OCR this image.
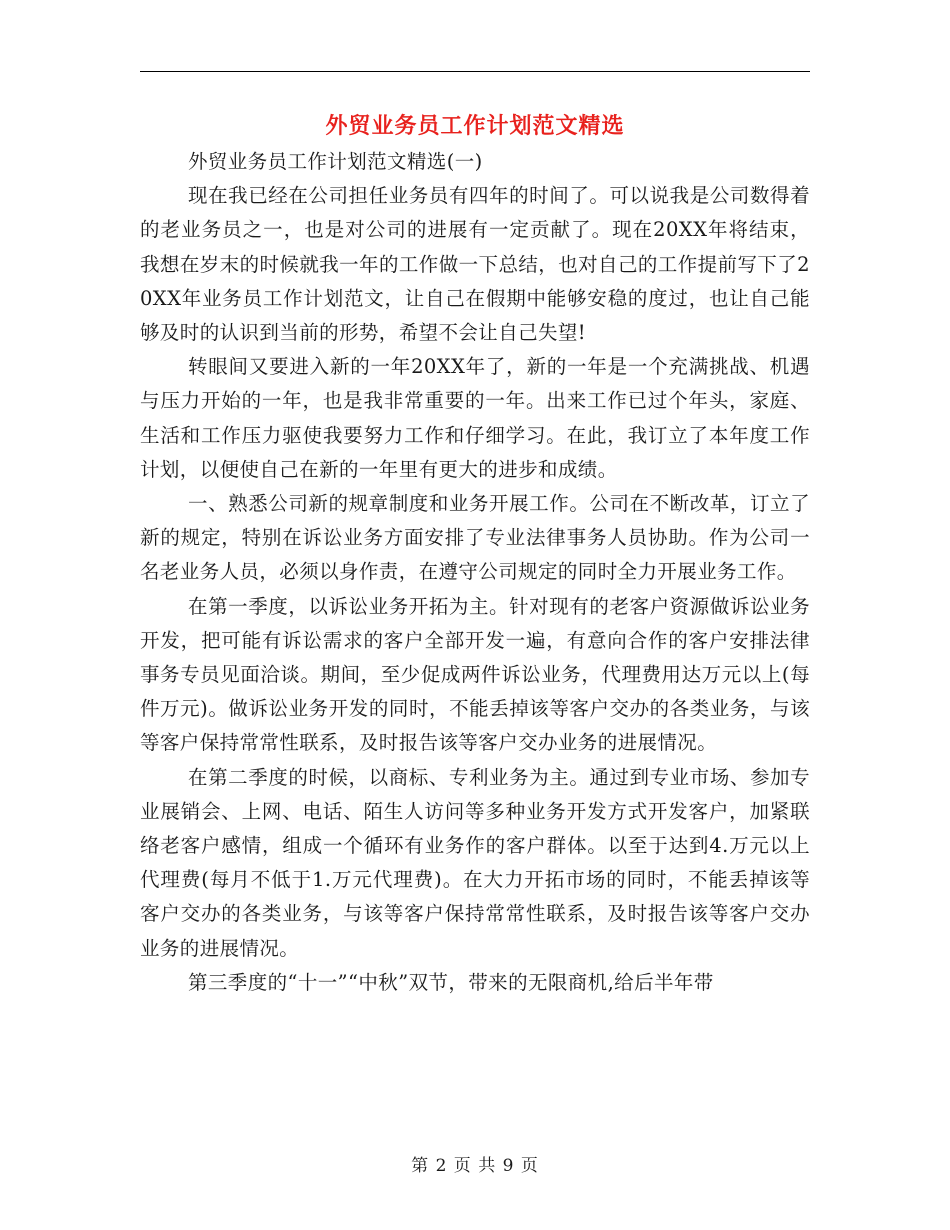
外贸业务员工作计划范文精选

外贸业务员工作计划范文精选(一)

现在我已经在公司担任业务员有四年的时间了。可以说我是公司数得着的老业务员之一，也是对公司的进展有一定贡献了。现在20XX年将结束，我想在岁末的时候就我一年的工作做一下总结，也对自己的工作提前写下了20XX年业务员工作计划范文，让自己在假期中能够安稳的度过，也让自己能够及时的认识到当前的形势，希望不会让自己失望!

转眼间又要进入新的一年20XX年了，新的一年是一个充满挑战、机遇与压力开始的一年，也是我非常重要的一年。出来工作已过个年头，家庭、生活和工作压力驱使我要努力工作和仔细学习。在此，我订立了本年度工作计划，以便使自己在新的一年里有更大的进步和成绩。

一、熟悉公司新的规章制度和业务开展工作。公司在不断改革，订立了新的规定，特别在诉讼业务方面安排了专业法律事务人员协助。作为公司一名老业务人员，必须以身作责，在遵守公司规定的同时全力开展业务工作。

在第一季度，以诉讼业务开拓为主。针对现有的老客户资源做诉讼业务开发，把可能有诉讼需求的客户全部开发一遍，有意向合作的客户安排法律事务专员见面洽谈。期间，至少促成两件诉讼业务，代理费用达万元以上(每件万元)。做诉讼业务开发的同时，不能丢掉该等客户交办的各类业务，与该等客户保持常常性联系，及时报告该等客户交办业务的进展情况。

在第二季度的时候，以商标、专利业务为主。通过到专业市场、参加专业展销会、上网、电话、陌生人访问等多种业务开发方式开发客户，加紧联络老客户感情，组成一个循环有业务作的客户群体。以至于达到4.万元以上代理费(每月不低于1.万元代理费)。在大力开拓市场的同时，不能丢掉该等客户交办的各类业务，与该等客户保持常常性联系，及时报告该等客户交办业务的进展情况。

第三季度的“十一”“中秋”双节，带来的无限商机,给后半年带

第 2 页 共 9 页
